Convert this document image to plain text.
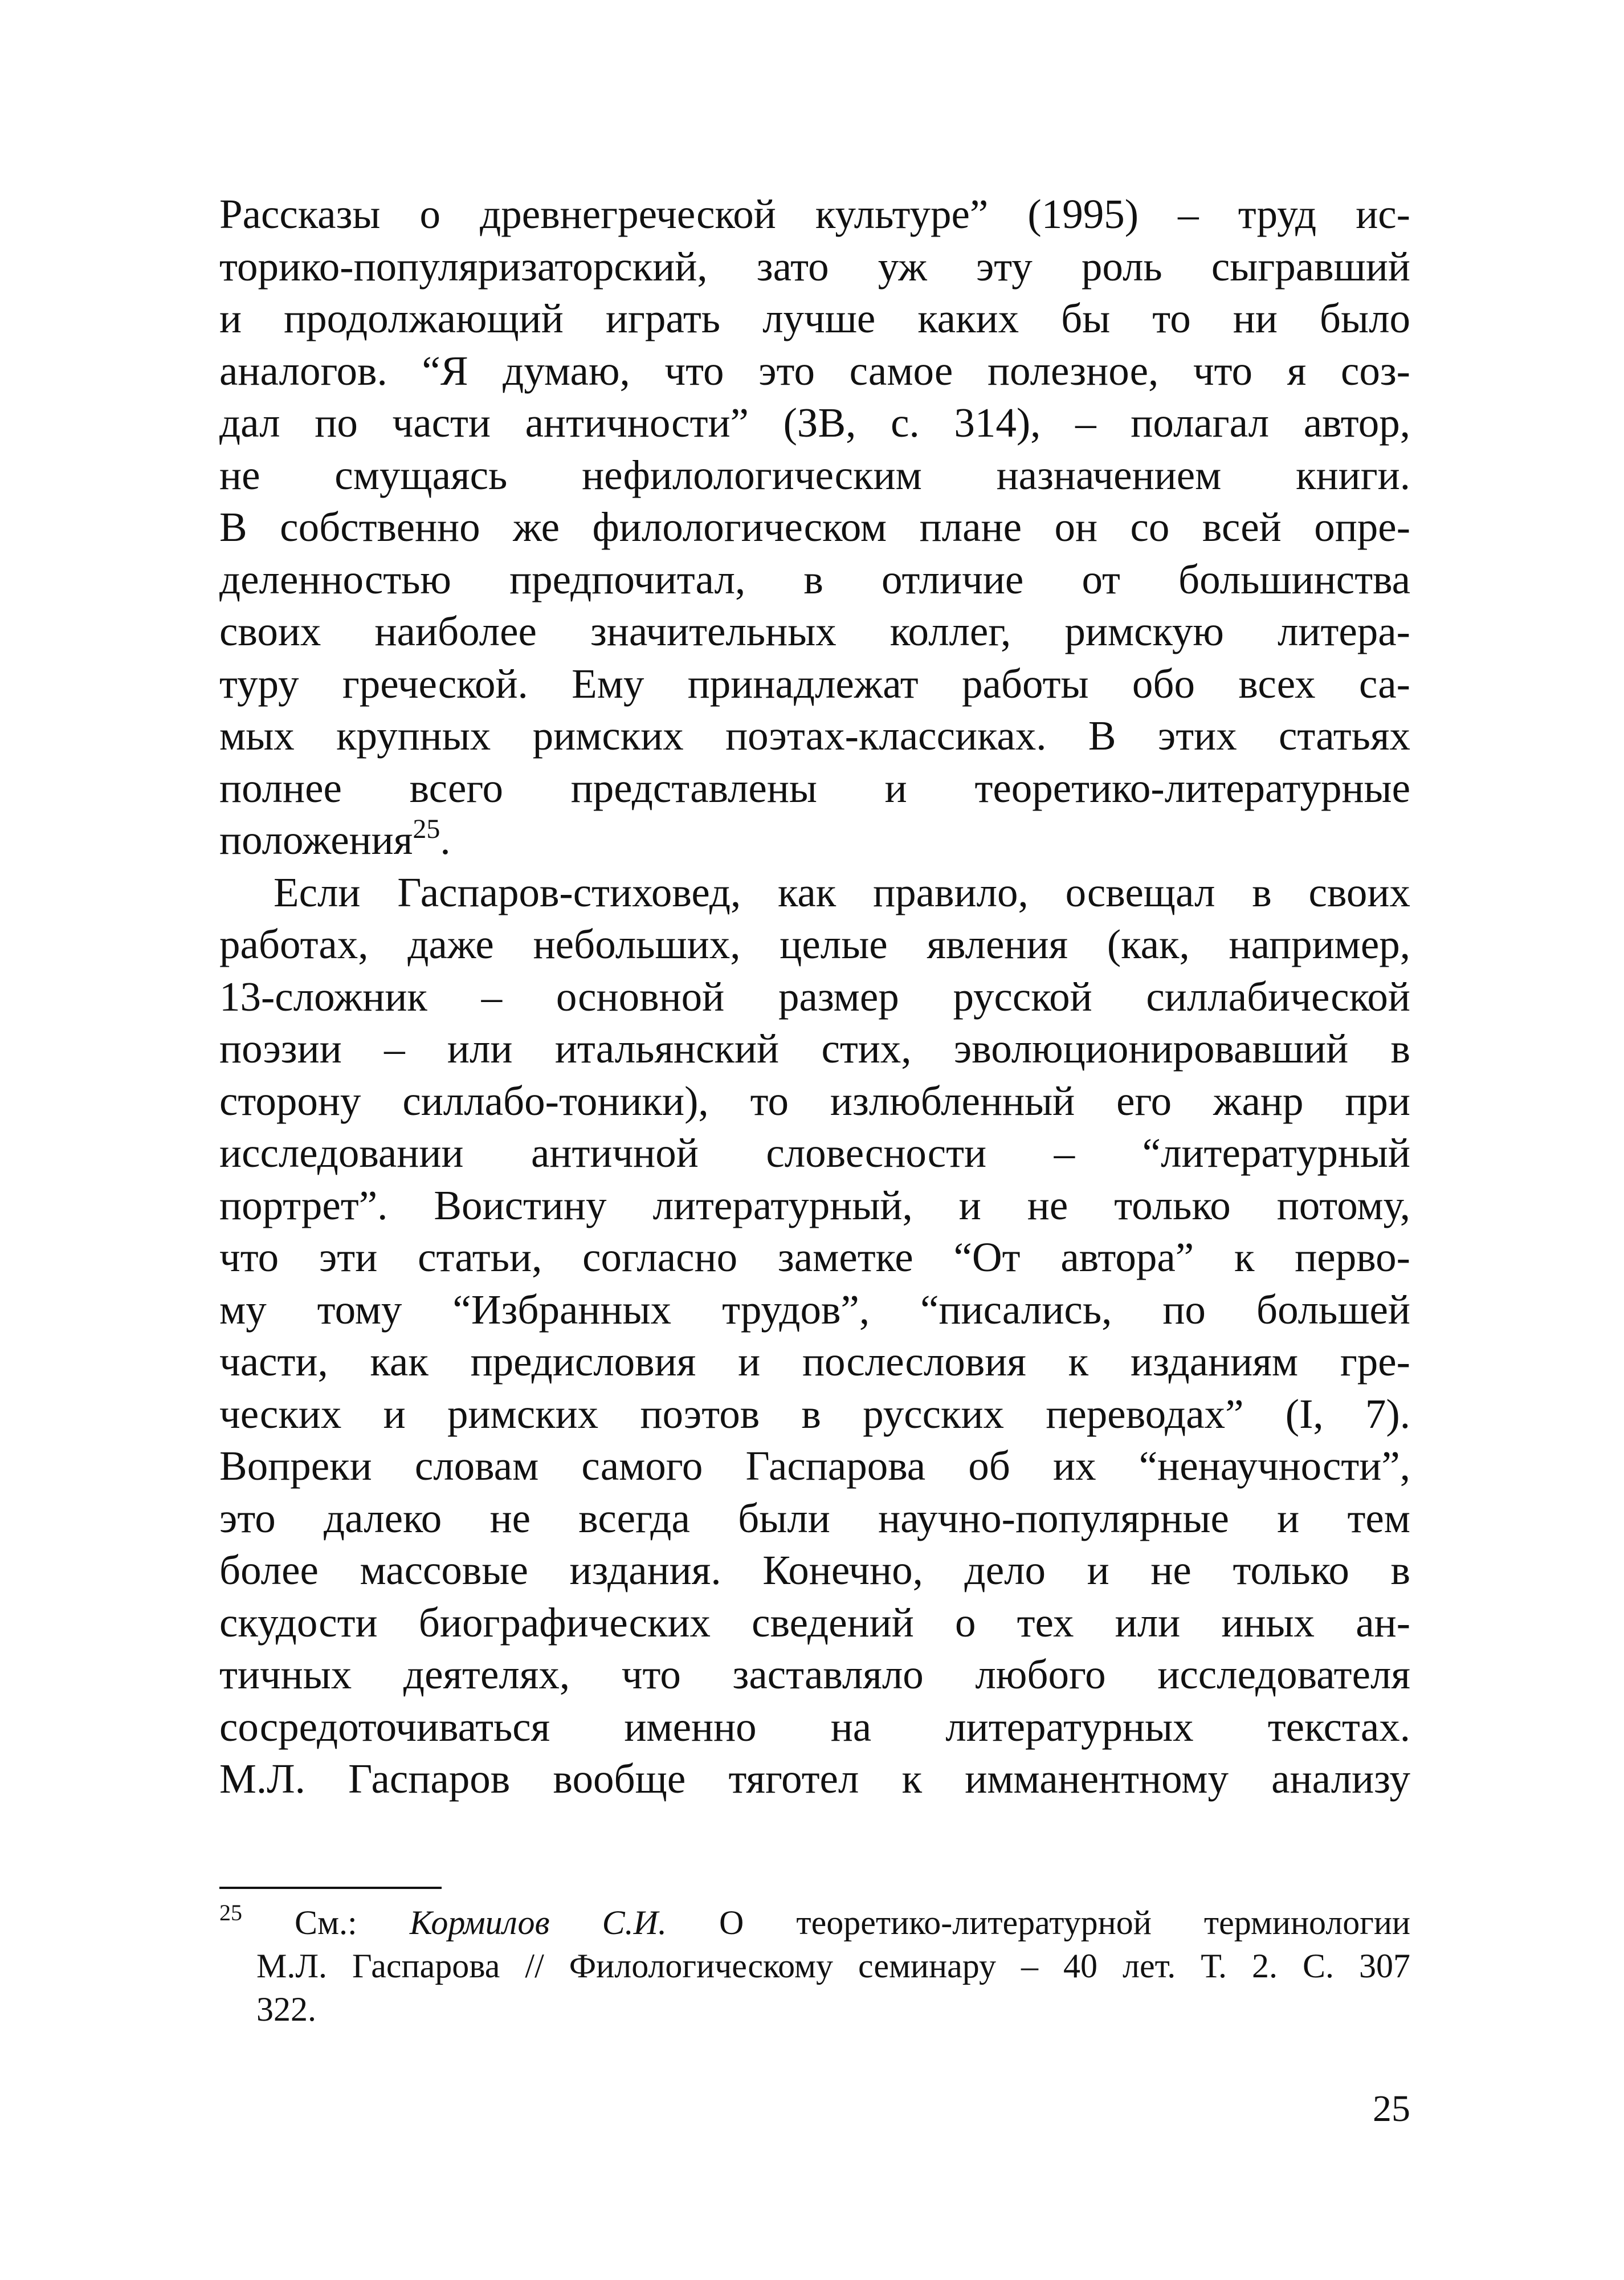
Рассказы о древнегреческой культуре” (1995) – труд ис-
торико-популяризаторский, зато уж эту роль сыгравший
и продолжающий играть лучше каких бы то ни было
аналогов. “Я думаю, что это самое полезное, что я соз-
дал по части античности” (ЗВ, с. 314), – полагал автор,
не смущаясь нефилологическим назначением книги.
В собственно же филологическом плане он со всей опре-
деленностью предпочитал, в отличие от большинства
своих наиболее значительных коллег, римскую литера-
туру греческой. Ему принадлежат работы обо всех са-
мых крупных римских поэтах-классиках. В этих статьях
полнее всего представлены и теоретико-литературные
положения$^{25}$.

Если Гаспаров-стиховед, как правило, освещал в своих
работах, даже небольших, целые явления (как, например,
13-сложник – основной размер русской силлабической
поэзии – или итальянский стих, эволюционировавший в
сторону силлабо-тоники), то излюбленный его жанр при
исследовании античной словесности – “литературный
портрет”. Воистину литературный, и не только потому,
что эти статьи, согласно заметке “От автора” к перво-
му тому “Избранных трудов”, “писались, по большей
части, как предисловия и послесловия к изданиям гре-
ческих и римских поэтов в русских переводах” (I, 7).
Вопреки словам самого Гаспарова об их “ненаучности”,
это далеко не всегда были научно-популярные и тем
более массовые издания. Конечно, дело и не только в
скудости биографических сведений о тех или иных ан-
тичных деятелях, что заставляло любого исследователя
сосредоточиваться именно на литературных текстах.
М.Л. Гаспаров вообще тяготел к имманентному анализу

$^{25}$ См.: Кормилов С.И. О теоретико-литературной терминологии
М.Л. Гаспарова // Филологическому семинару – 40 лет. Т. 2. С. 307
322.
25
